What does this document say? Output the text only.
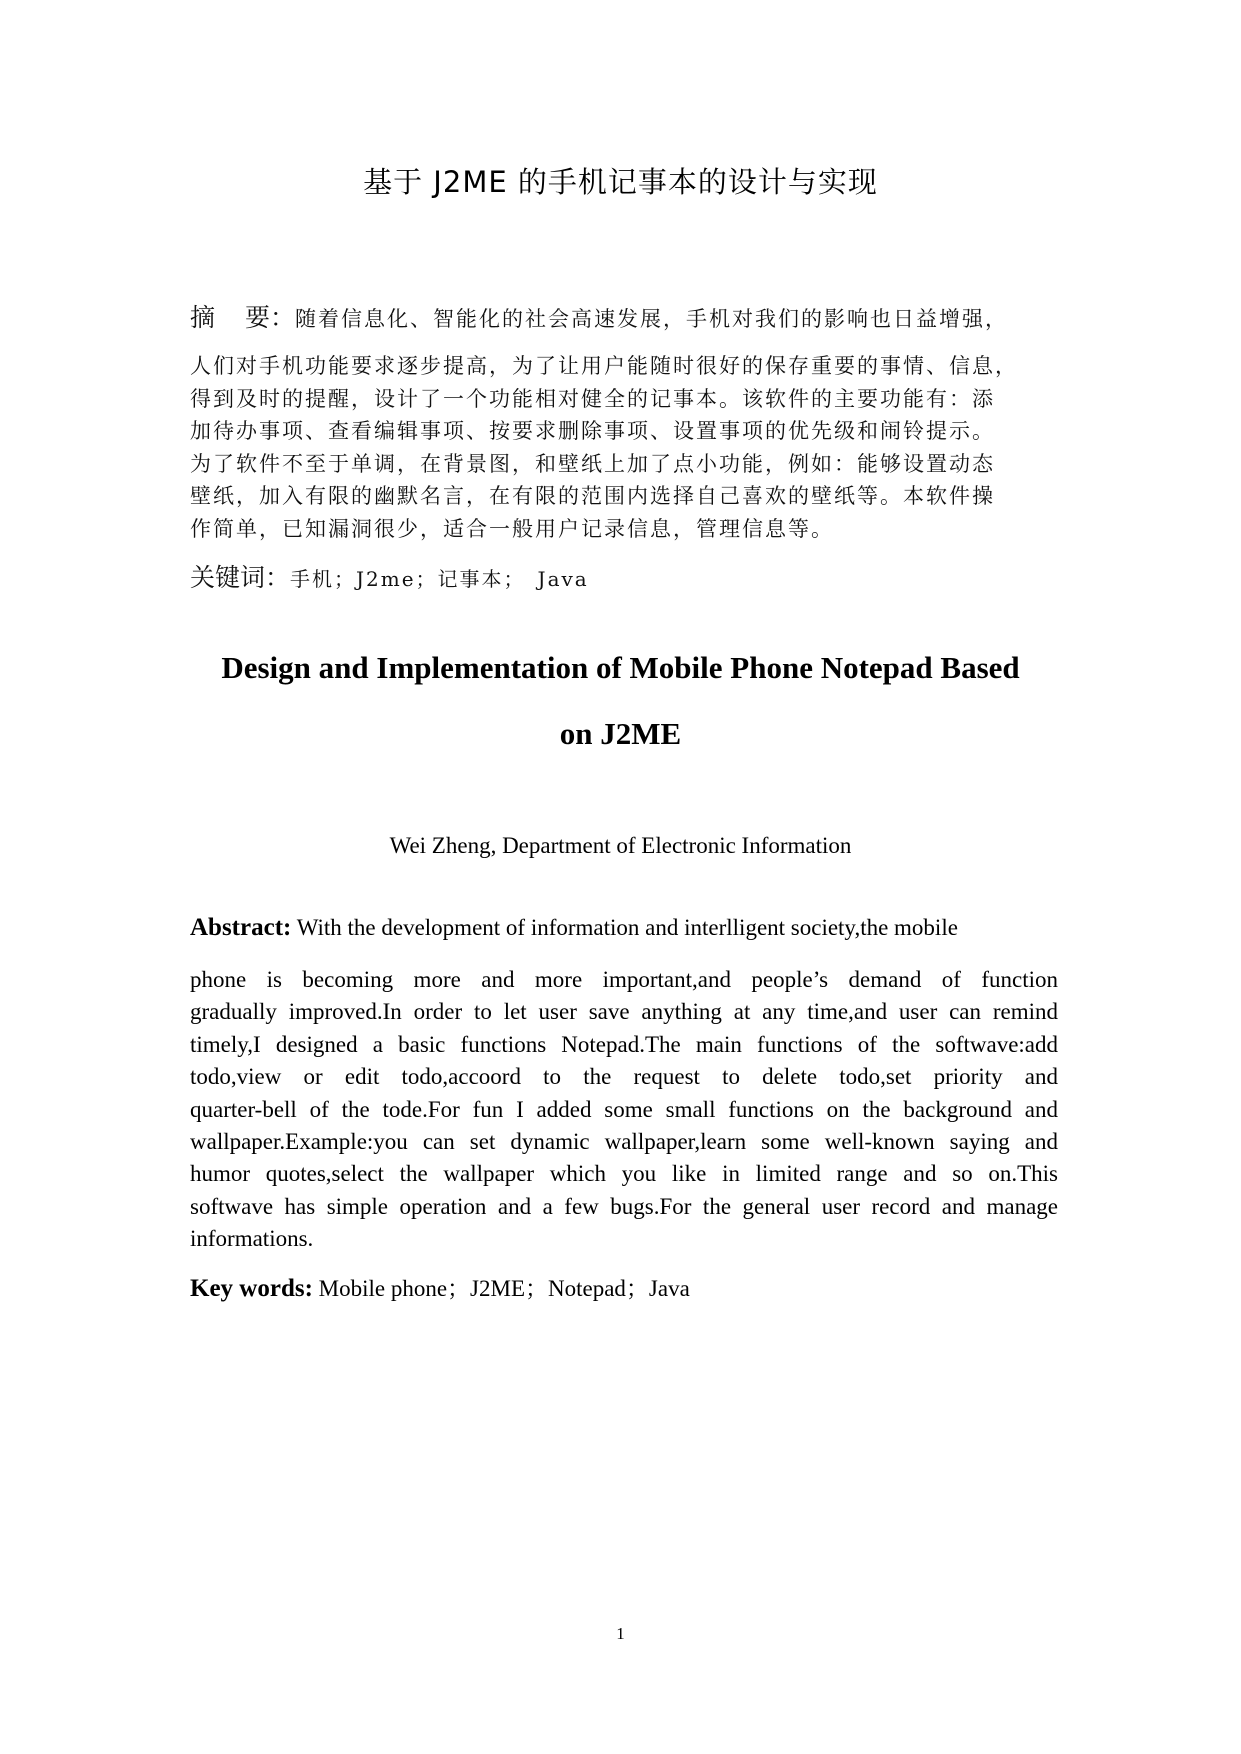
基于 J2ME 的手机记事本的设计与实现
摘 要：随着信息化、智能化的社会高速发展，手机对我们的影响也日益增强，
人们对手机功能要求逐步提高，为了让用户能随时很好的保存重要的事情、信息，
得到及时的提醒，设计了一个功能相对健全的记事本。该软件的主要功能有：添
加待办事项、查看编辑事项、按要求删除事项、设置事项的优先级和闹铃提示。
为了软件不至于单调，在背景图，和壁纸上加了点小功能，例如：能够设置动态
壁纸，加入有限的幽默名言，在有限的范围内选择自己喜欢的壁纸等。本软件操
作简单，已知漏洞很少，适合一般用户记录信息，管理信息等。
关键词：手机；J2me；记事本；　Java
Design and Implementation of Mobile Phone Notepad Based
on J2ME
Wei Zheng, Department of Electronic Information
Abstract: With the development of information and interlligent society,the mobile
phone is becoming more and more important,and people’s demand of function
gradually improved.In order to let user save anything at any time,and user can remind
timely,I designed a basic functions Notepad.The main functions of the softwave:add
todo,view or edit todo,accoord to the request to delete todo,set priority and
quarter-bell of the tode.For fun I added some small functions on the background and
wallpaper.Example:you can set dynamic wallpaper,learn some well-known saying and
humor quotes,select the wallpaper which you like in limited range and so on.This
softwave has simple operation and a few bugs.For the general user record and manage
informations.
Key words: Mobile phone；J2ME；Notepad；Java
1
